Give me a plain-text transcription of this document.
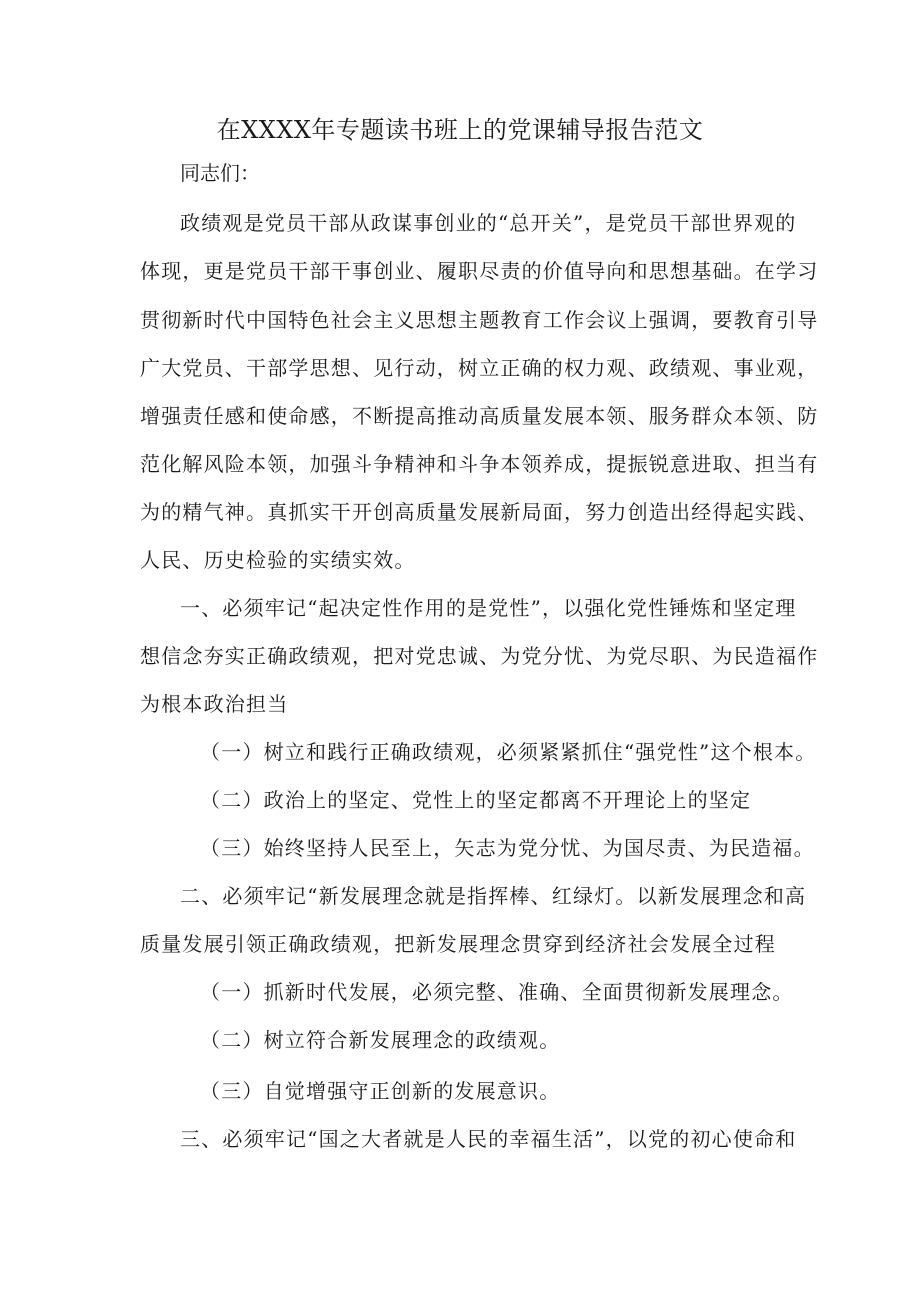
在XXXX年专题读书班上的党课辅导报告范文
同志们：
政绩观是党员干部从政谋事创业的“总开关”，是党员干部世界观的
体现，更是党员干部干事创业、履职尽责的价值导向和思想基础。在学习
贯彻新时代中国特色社会主义思想主题教育工作会议上强调，要教育引导
广大党员、干部学思想、见行动，树立正确的权力观、政绩观、事业观，
增强责任感和使命感，不断提高推动高质量发展本领、服务群众本领、防
范化解风险本领，加强斗争精神和斗争本领养成，提振锐意进取、担当有
为的精气神。真抓实干开创高质量发展新局面，努力创造出经得起实践、
人民、历史检验的实绩实效。
一、必须牢记“起决定性作用的是党性”，以强化党性锤炼和坚定理
想信念夯实正确政绩观，把对党忠诚、为党分忧、为党尽职、为民造福作
为根本政治担当
（一）树立和践行正确政绩观，必须紧紧抓住“强党性”这个根本。
（二）政治上的坚定、党性上的坚定都离不开理论上的坚定
（三）始终坚持人民至上，矢志为党分忧、为国尽责、为民造福。
二、必须牢记“新发展理念就是指挥棒、红绿灯。以新发展理念和高
质量发展引领正确政绩观，把新发展理念贯穿到经济社会发展全过程
（一）抓新时代发展，必须完整、准确、全面贯彻新发展理念。
（二）树立符合新发展理念的政绩观。
（三）自觉增强守正创新的发展意识。
三、必须牢记“国之大者就是人民的幸福生活”，以党的初心使命和
